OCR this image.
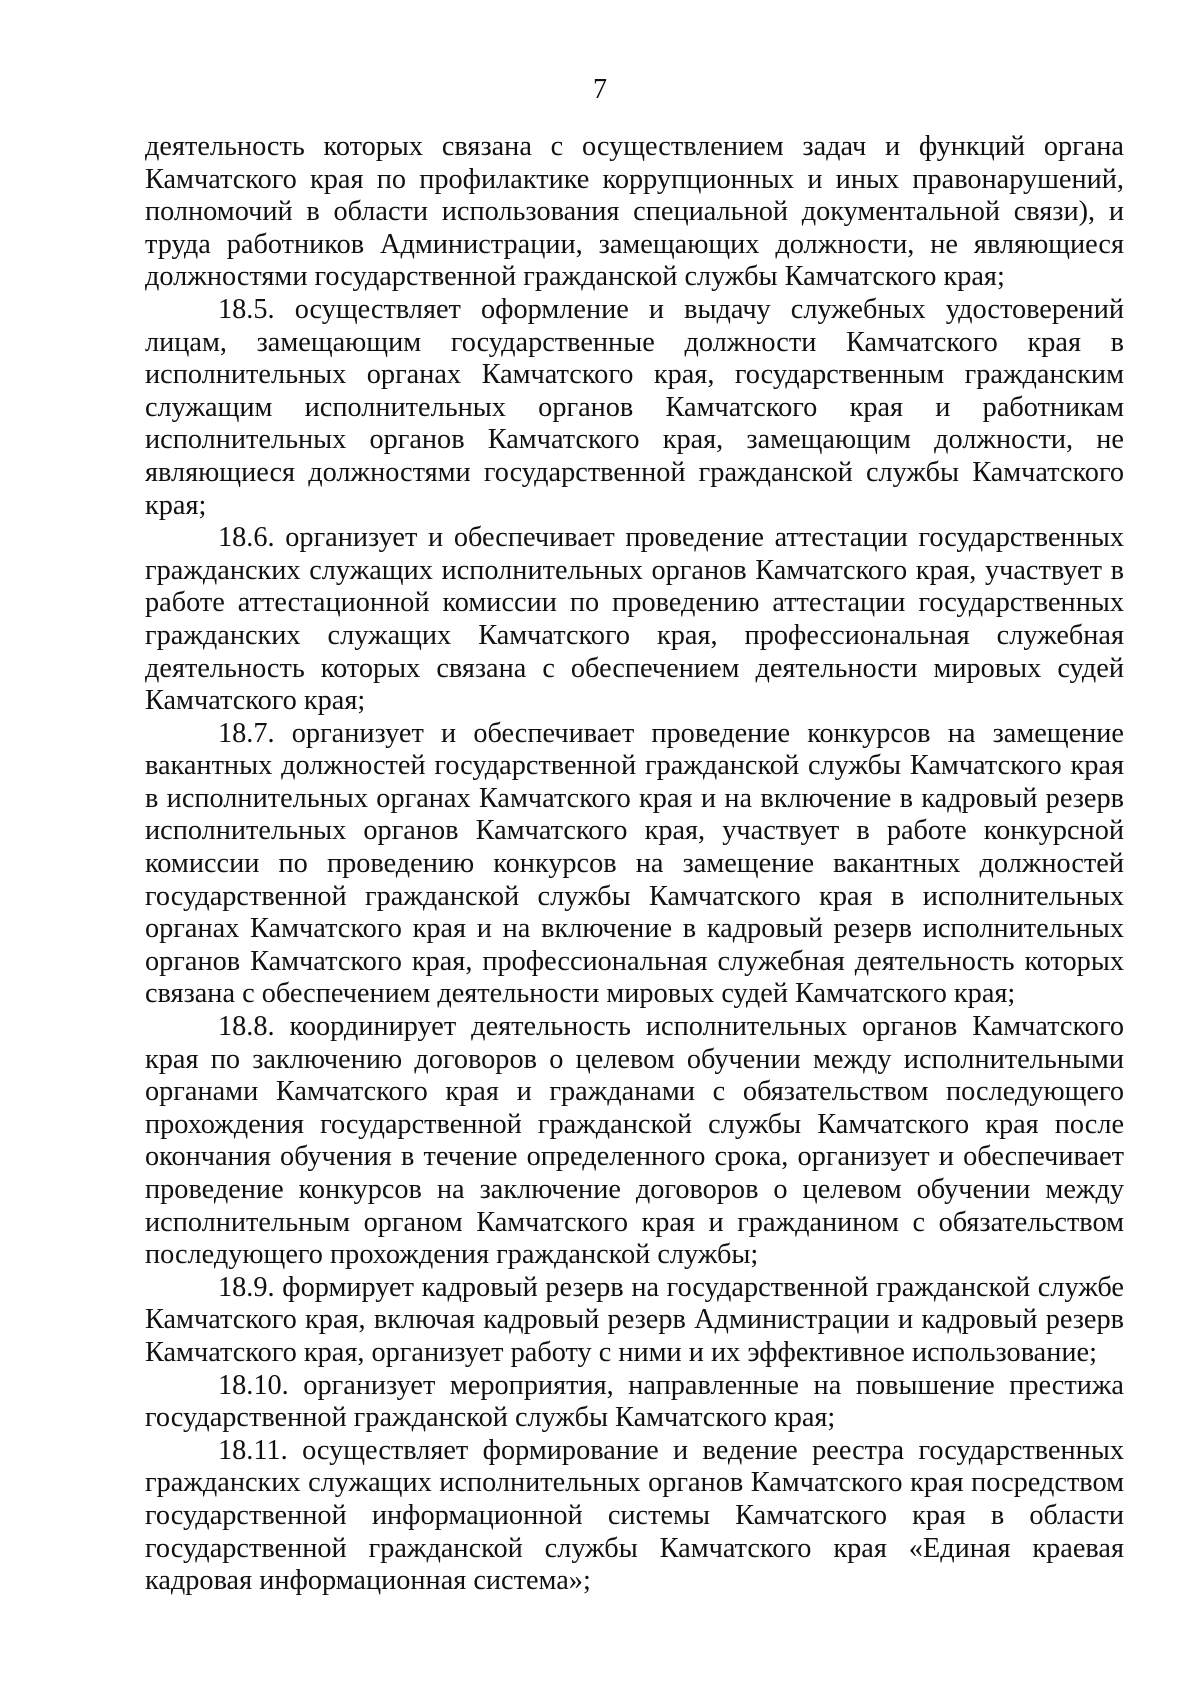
7

деятельность которых связана с осуществлением задач и функций органа Камчатского края по профилактике коррупционных и иных правонарушений, полномочий в области использования специальной документальной связи), и труда работников Администрации, замещающих должности, не являющиеся должностями государственной гражданской службы Камчатского края;

18.5. осуществляет оформление и выдачу служебных удостоверений лицам, замещающим государственные должности Камчатского края в исполнительных органах Камчатского края, государственным гражданским служащим исполнительных органов Камчатского края и работникам исполнительных органов Камчатского края, замещающим должности, не являющиеся должностями государственной гражданской службы Камчатского края;

18.6. организует и обеспечивает проведение аттестации государственных гражданских служащих исполнительных органов Камчатского края, участвует в работе аттестационной комиссии по проведению аттестации государственных гражданских служащих Камчатского края, профессиональная служебная деятельность которых связана с обеспечением деятельности мировых судей Камчатского края;

18.7. организует и обеспечивает проведение конкурсов на замещение вакантных должностей государственной гражданской службы Камчатского края в исполнительных органах Камчатского края и на включение в кадровый резерв исполнительных органов Камчатского края, участвует в работе конкурсной комиссии по проведению конкурсов на замещение вакантных должностей государственной гражданской службы Камчатского края в исполнительных органах Камчатского края и на включение в кадровый резерв исполнительных органов Камчатского края, профессиональная служебная деятельность которых связана с обеспечением деятельности мировых судей Камчатского края;

18.8. координирует деятельность исполнительных органов Камчатского края по заключению договоров о целевом обучении между исполнительными органами Камчатского края и гражданами с обязательством последующего прохождения государственной гражданской службы Камчатского края после окончания обучения в течение определенного срока, организует и обеспечивает проведение конкурсов на заключение договоров о целевом обучении между исполнительным органом Камчатского края и гражданином с обязательством последующего прохождения гражданской службы;

18.9. формирует кадровый резерв на государственной гражданской службе Камчатского края, включая кадровый резерв Администрации и кадровый резерв Камчатского края, организует работу с ними и их эффективное использование;

18.10. организует мероприятия, направленные на повышение престижа государственной гражданской службы Камчатского края;

18.11. осуществляет формирование и ведение реестра государственных гражданских служащих исполнительных органов Камчатского края посредством государственной информационной системы Камчатского края в области государственной гражданской службы Камчатского края «Единая краевая кадровая информационная система»;
